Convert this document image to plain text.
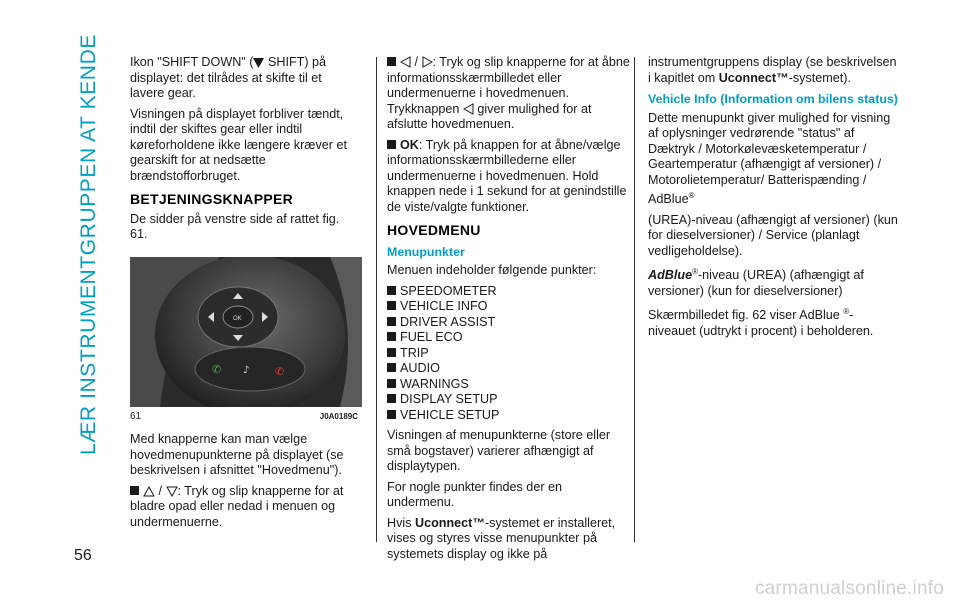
LÆR INSTRUMENTGRUPPEN AT KENDE
56

Ikon "SHIFT DOWN" ( SHIFT) på displayet: det tilrådes at skifte til et lavere gear.

Visningen på displayet forbliver tændt, indtil der skiftes gear eller indtil køreforholdene ikke længere kræver et gearskift for at nedsætte brændstofforbruget.

BETJENINGSKNAPPER

De sidder på venstre side af rattet fig. 61.

OK
✆ ♪ ✆
61	J0A0189C

Med knapperne kan man vælge hovedmenupunkterne på displayet (se beskrivelsen i afsnittet "Hovedmenu").

/ : Tryk og slip knapperne for at bladre opad eller nedad i menuen og undermenuerne.

/ : Tryk og slip knapperne for at åbne informationsskærmbilledet eller undermenuerne i hovedmenuen. Trykknappen giver mulighed for at afslutte hovedmenuen.

OK: Tryk på knappen for at åbne/vælge informationsskærmbillederne eller undermenuerne i hovedmenuen. Hold knappen nede i 1 sekund for at genindstille de viste/valgte funktioner.

HOVEDMENU
Menupunkter

Menuen indeholder følgende punkter:

SPEEDOMETER
VEHICLE INFO
DRIVER ASSIST
FUEL ECO
TRIP
AUDIO
WARNINGS
DISPLAY SETUP
VEHICLE SETUP

Visningen af menupunkterne (store eller små bogstaver) varierer afhængigt af displaytypen.

For nogle punkter findes der en undermenu.

Hvis Uconnect™-systemet er installeret, vises og styres visse menupunkter på systemets display og ikke på

instrumentgruppens display (se beskrivelsen i kapitlet om Uconnect™-systemet).

Vehicle Info (Information om bilens status)

Dette menupunkt giver mulighed for visning af oplysninger vedrørende "status" af Dæktryk / Motorkølevæsketemperatur / Geartemperatur (afhængigt af versioner) / Motorolietemperatur/ Batterispænding / AdBlue®

(UREA)-niveau (afhængigt af versioner) (kun for dieselversioner) / Service (planlagt vedligeholdelse).

AdBlue®-niveau (UREA) (afhængigt af versioner) (kun for dieselversioner)

Skærmbilledet fig. 62 viser AdBlue ®-niveauet (udtrykt i procent) i beholderen.

carmanualsonline.info
